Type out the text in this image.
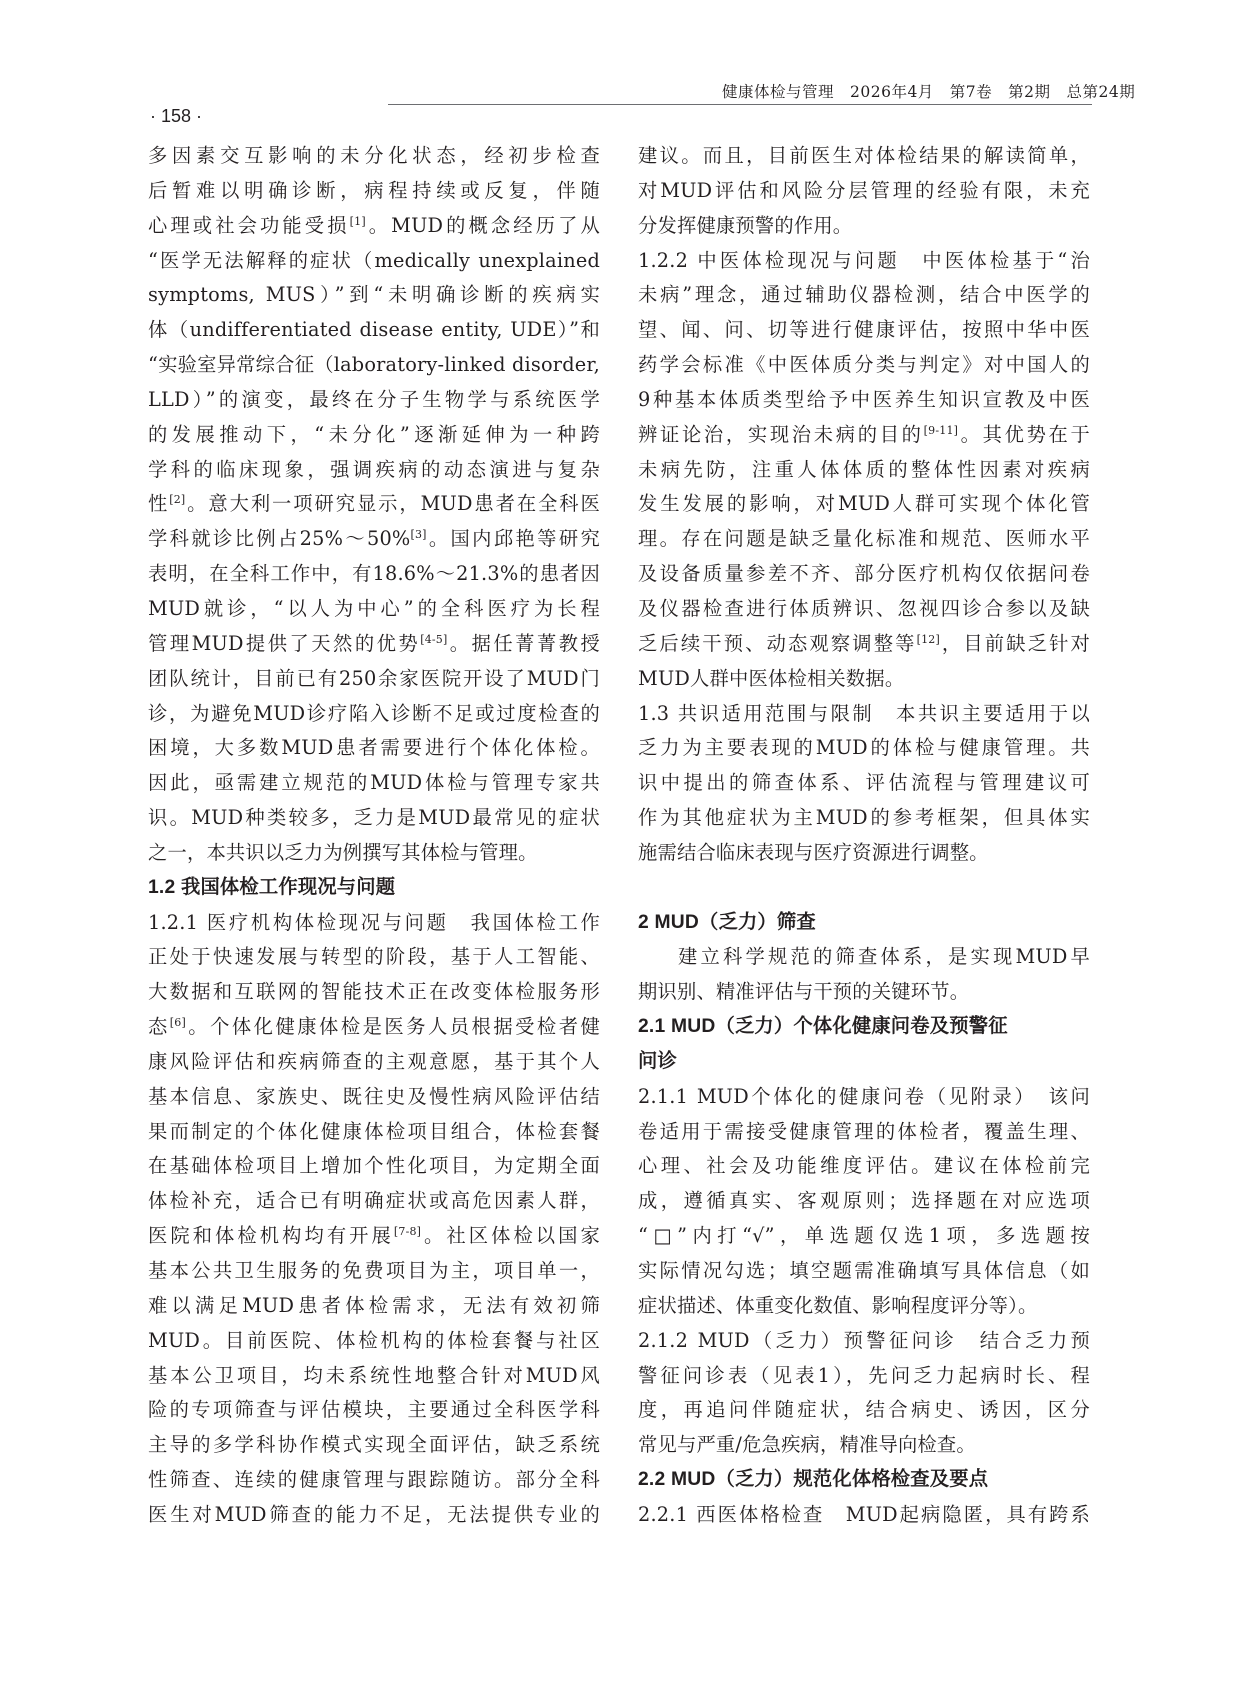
健康体检与管理　2026年4月　第7卷　第2期　总第24期
· 158 ·
多因素交互影响的未分化状态，经初步检查
后暂难以明确诊断，病程持续或反复，伴随
心理或社会功能受损[1]。MUD的概念经历了从
“医学无法解释的症状（medically unexplained
symptoms, MUS）”到“未明确诊断的疾病实
体（undifferentiated disease entity, UDE）”和
“实验室异常综合征（laboratory-linked disorder,
LLD）”的演变，最终在分子生物学与系统医学
的发展推动下，“未分化”逐渐延伸为一种跨
学科的临床现象，强调疾病的动态演进与复杂
性[2]。意大利一项研究显示，MUD患者在全科医
学科就诊比例占25%～50%[3]。国内邱艳等研究
表明，在全科工作中，有18.6%～21.3%的患者因
MUD就诊，“以人为中心”的全科医疗为长程
管理MUD提供了天然的优势[4-5]。据任菁菁教授
团队统计，目前已有250余家医院开设了MUD门
诊，为避免MUD诊疗陷入诊断不足或过度检查的
困境，大多数MUD患者需要进行个体化体检。
因此，亟需建立规范的MUD体检与管理专家共
识。MUD种类较多，乏力是MUD最常见的症状
之一，本共识以乏力为例撰写其体检与管理。
1.2 我国体检工作现况与问题
1.2.1 医疗机构体检现况与问题　我国体检工作
正处于快速发展与转型的阶段，基于人工智能、
大数据和互联网的智能技术正在改变体检服务形
态[6]。个体化健康体检是医务人员根据受检者健
康风险评估和疾病筛查的主观意愿，基于其个人
基本信息、家族史、既往史及慢性病风险评估结
果而制定的个体化健康体检项目组合，体检套餐
在基础体检项目上增加个性化项目，为定期全面
体检补充，适合已有明确症状或高危因素人群，
医院和体检机构均有开展[7-8]。社区体检以国家
基本公共卫生服务的免费项目为主，项目单一，
难以满足MUD患者体检需求，无法有效初筛
MUD。目前医院、体检机构的体检套餐与社区
基本公卫项目，均未系统性地整合针对MUD风
险的专项筛查与评估模块，主要通过全科医学科
主导的多学科协作模式实现全面评估，缺乏系统
性筛查、连续的健康管理与跟踪随访。部分全科
医生对MUD筛查的能力不足，无法提供专业的
建议。而且，目前医生对体检结果的解读简单，
对MUD评估和风险分层管理的经验有限，未充
分发挥健康预警的作用。
1.2.2 中医体检现况与问题　中医体检基于“治
未病”理念，通过辅助仪器检测，结合中医学的
望、闻、问、切等进行健康评估，按照中华中医
药学会标准《中医体质分类与判定》对中国人的
9种基本体质类型给予中医养生知识宣教及中医
辨证论治，实现治未病的目的[9-11]。其优势在于
未病先防，注重人体体质的整体性因素对疾病
发生发展的影响，对MUD人群可实现个体化管
理。存在问题是缺乏量化标准和规范、医师水平
及设备质量参差不齐、部分医疗机构仅依据问卷
及仪器检查进行体质辨识、忽视四诊合参以及缺
乏后续干预、动态观察调整等[12]，目前缺乏针对
MUD人群中医体检相关数据。
1.3 共识适用范围与限制　本共识主要适用于以
乏力为主要表现的MUD的体检与健康管理。共
识中提出的筛查体系、评估流程与管理建议可
作为其他症状为主MUD的参考框架，但具体实
施需结合临床表现与医疗资源进行调整。
2 MUD（乏力）筛查
建立科学规范的筛查体系，是实现MUD早
期识别、精准评估与干预的关键环节。
2.1 MUD（乏力）个体化健康问卷及预警征
问诊
2.1.1 MUD个体化的健康问卷（见附录）　该问
卷适用于需接受健康管理的体检者，覆盖生理、
心理、社会及功能维度评估。建议在体检前完
成，遵循真实、客观原则；选择题在对应选项
“□”内打“√”，单选题仅选1项，多选题按
实际情况勾选；填空题需准确填写具体信息（如
症状描述、体重变化数值、影响程度评分等）。
2.1.2 MUD（乏力）预警征问诊　结合乏力预
警征问诊表（见表1），先问乏力起病时长、程
度，再追问伴随症状，结合病史、诱因，区分
常见与严重/危急疾病，精准导向检查。
2.2 MUD（乏力）规范化体格检查及要点
2.2.1 西医体格检查　MUD起病隐匿，具有跨系
